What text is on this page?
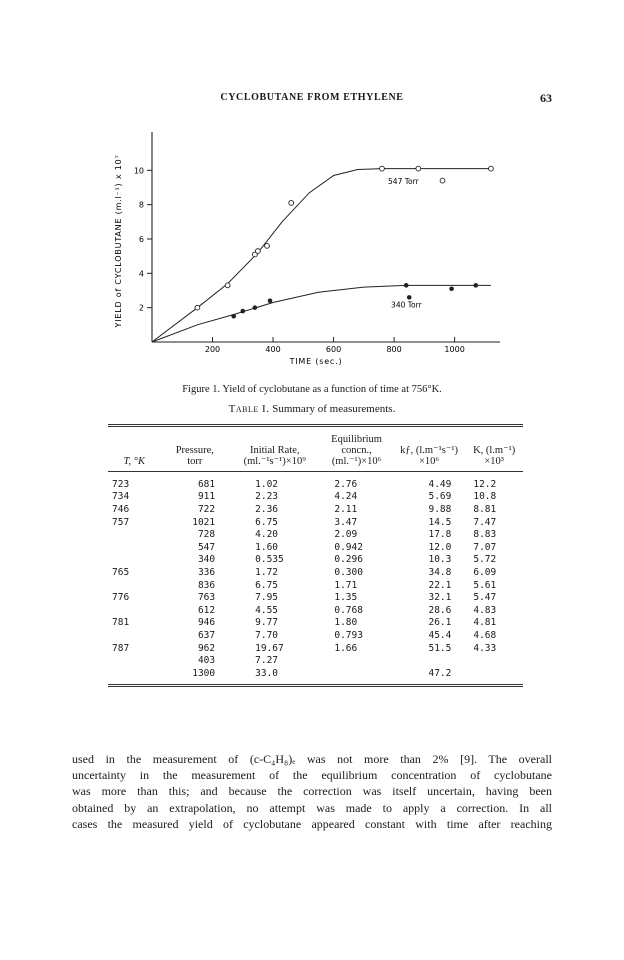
CYCLOBUTANE FROM ETHYLENE	63
2
4
6
8
10
200	400	600	800	1000
TIME (sec.)
YIELD of CYCLOBUTANE (m.l⁻¹) x 10⁷	547 Torr
340 Torr
Figure 1. Yield of cyclobutane as a function of time at 756°K.
Table I. Summary of measurements.
			Equilibrium		
	Pressure,	Initial Rate,	concn.,	kƒ, (l.m⁻¹s⁻¹)	K, (l.m⁻¹)
T, °K	torr	(ml.⁻¹s⁻¹)×10⁹	(ml.⁻¹)×10⁶	×10⁶	×10³
723	681	1.02	2.76	4.49	12.2
734	911	2.23	4.24	5.69	10.8
746	722	2.36	2.11	9.88	8.81
757	1021	6.75	3.47	14.5	7.47
	728	4.20	2.09	17.8	8.83
	547	1.60	0.942	12.0	7.07
	340	0.535	0.296	10.3	5.72
765	336	1.72	0.300	34.8	6.09
	836	6.75	1.71	22.1	5.61
776	763	7.95	1.35	32.1	5.47
	612	4.55	0.768	28.6	4.83
781	946	9.77	1.80	26.1	4.81
	637	7.70	0.793	45.4	4.68
787	962	19.67	1.66	51.5	4.33
	403	7.27			
	1300	33.0		47.2	

used in the measurement of (c-C₄H₈)ₑ was not more than 2% [9]. The overall
uncertainty in the measurement of the equilibrium concentration of cyclobutane
was more than this; and because the correction was itself uncertain, having been
obtained by an extrapolation, no attempt was made to apply a correction. In all
cases the measured yield of cyclobutane appeared constant with time after reaching
